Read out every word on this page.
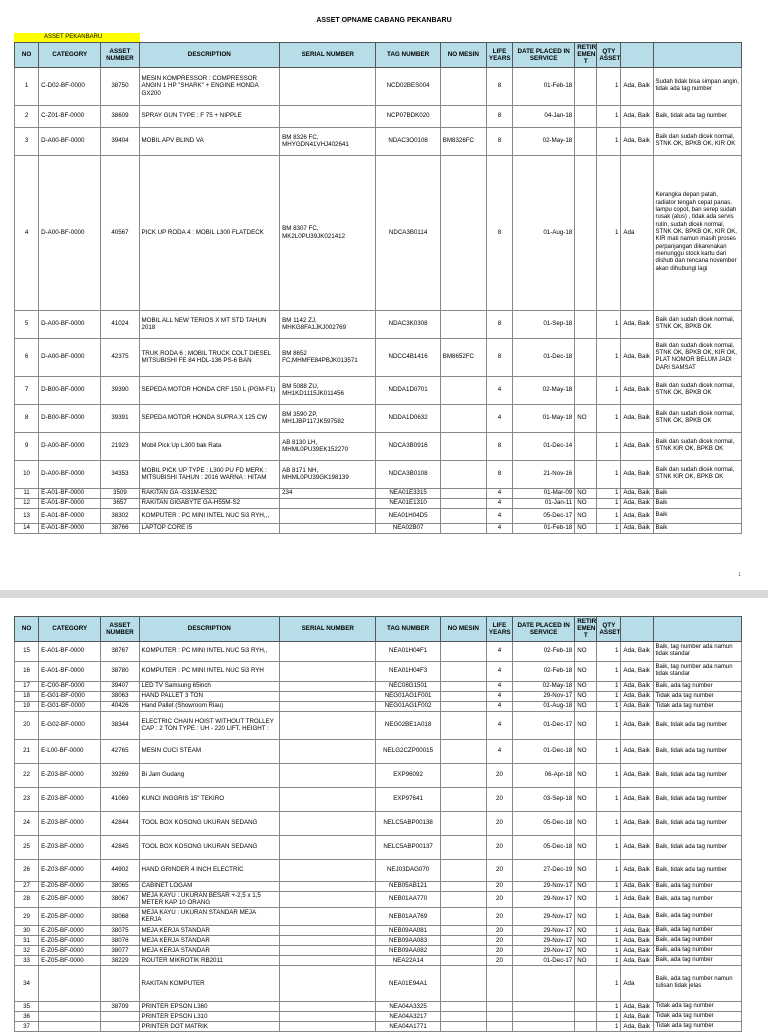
ASSET OPNAME CABANG PEKANBARU
ASSET PEKANBARU
NO	CATEGORY	ASSET NUMBER	DESCRIPTION	SERIAL NUMBER	TAG NUMBER	NO MESIN	LIFE YEARS	DATE PLACED IN SERVICE	RETIR EMEN T	QTY ASSET		
1	C-D02-BF-0000	38750	MESIN KOMPRESSOR : COMPRESSOR ANGIN 1 HP "SHARK" + ENGINE HONDA GX200		NCD02BES004		8	01-Feb-18		1	Ada, Baik	Sudah tidak bisa simpan angin, tidak ada tag number
2	C-Z01-BF-0000	38609	SPRAY GUN TYPE : F 75 + NIPPLE		NCP07BDK020		8	04-Jan-18		1	Ada, Baik	Baik, tidak ada tag number
3	D-A00-BF-0000	39404	MOBIL APV BLIND VA	BM 8326 FC, MHYGDN41VHJ402641	NDAC3O0108	BM8326FC	8	02-May-18		1	Ada, Baik	Baik dan sudah dicek normal, STNK OK, BPKB OK, KIR OK
4	D-A00-BF-0000	40567	PICK UP RODA 4 : MOBIL L300 FLATDECK	BM 8307 FC, MK2L0PU39JK021412	NDCA3B0114		8	01-Aug-18		1	Ada	Kerangka depan patah, radiator tengah cepat panas, lampu copot, ban serep sudah rusak (alus) , tidak ada servis rutin, sudah dicek normal, STNK OK, BPKB OK, KIR OK, KIR mati namun masih proses perpanjangan dikarenakan menunggu stock kartu dari dishub dan rencana november akan dihubungi lagi
5	D-A00-BF-0000	41024	MOBIL ALL NEW TERIOS X MT STD TAHUN 2018	BM 1142 ZJ, MHKG8FA1JKJ002769	NDAC3K0308		8	01-Sep-18		1	Ada, Baik	Baik dan sudah dicek normal, STNK OK, BPKB OK
6	D-A00-BF-0000	42375	TRUK RODA 6 ; MOBIL TRUCK COLT DIESEL MITSUBISHI FE 84 HDL-136 PS-6 BAN	BM 8652 FC,MHMFE84PBJK013571	NDCC4B1416	BM8652FC	8	01-Dec-18		1	Ada, Baik	Baik dan sudah dicek normal, STNK OK, BPKB OK, KIR OK, PLAT NOMOR BELUM JADI DARI SAMSAT
7	D-B00-BF-0000	39390	SEPEDA MOTOR HONDA CRF 150 L (PGM-F1)	BM 5088 ZU, MH1KD1115JK011456	NDDA1D0701		4	02-May-18		1	Ada, Baik	Baik dan sudah dicek normal, STNK OK, BPKB OK
8	D-B00-BF-0000	39391	SEPEDA MOTOR HONDA SUPRA X 125 CW	BM 3590 ZP, MH1JBP117JK597582	NDDA1D0632		4	01-May-18	NO	1	Ada, Baik	Baik dan sudah dicek normal, STNK OK, BPKB OK
9	D-A00-BF-0000	21923	Mobil Pick Up L300 bak Rata	AB 8130 LH, MHML0PU39EK152270	NDCA3B0916		8	01-Dec-14		1	Ada, Baik	Baik dan sudah dicek normal, STNK KIR OK, BPKB OK
10	D-A00-BF-0000	34353	MOBIL PICK UP TYPE : L300 PU FD MERK : MITSUBISHI TAHUN : 2016 WARNA : HITAM	AB 8171 NH, MHML0PU39GK198139	NDCA3B0108		8	21-Nov-16		1	Ada, Baik	Baik dan sudah dicek normal, STNK KIR OK, BPKB OK
11	E-A01-BF-0000	3509	RAKITAN GA -G31M-ES2C	234	NEA01E3315		4	01-Mar-09	NO	1	Ada, Baik	Baik
12	E-A01-BF-0000	3657	RAKITAN GIGABYTE GA-H55M-S2		NEA01E1310		4	01-Jan-11	NO	1	Ada, Baik	Baik
13	E-A01-BF-0000	38302	KOMPUTER : PC MINI INTEL NUC 5i3 RYH,,,		NEA01H04D5		4	05-Dec-17	NO	1	Ada, Baik	Baik
14	E-A01-BF-0000	38766	LAPTOP CORE I5		NEA02B07		4	01-Feb-18	NO	1	Ada, Baik	Baik
1
NO	CATEGORY	ASSET NUMBER	DESCRIPTION	SERIAL NUMBER	TAG NUMBER	NO MESIN	LIFE YEARS	DATE PLACED IN SERVICE	RETIR EMEN T	QTY ASSET		
15	E-A01-BF-0000	38767	KOMPUTER : PC MINI INTEL NUC 5i3 RYH,,		NEA01H04F1		4	02-Feb-18	NO	1	Ada, Baik	Baik, tag number ada namun tidak standar
16	E-A01-BF-0000	38780	KOMPUTER : PC MINI INTEL NUC 5i3 RYH		NEA01H04F3		4	02-Feb-18	NO	1	Ada, Baik	Baik, tag number ada namun tidak standar
17	E-C00-BF-0000	39407	LED TV Samsung 65inch		NEC08G1501		4	02-May-18	NO	1	Ada, Baik	Baik, ada tag number
18	E-G01-BF-0000	38063	HAND PALLET 3 TON		NEG01AG1F001		4	29-Nov-17	NO	1	Ada, Baik	Tidak ada tag number
19	E-G01-BF-0000	40426	Hand Pallet (Showroom Riau)		NEG01AG1F002		4	01-Aug-18	NO	1	Ada, Baik	Tidak ada tag number
20	E-G02-BF-0000	38344	ELECTRIC CHAIN HOIST WITHOUT TROLLEY CAP : 2 TON TYPE : UH - 220 LIFT. HEIGHT :		NEG02BE1A018		4	01-Dec-17	NO	1	Ada, Baik	Baik, tidak ada tag number
21	E-L00-BF-0000	42765	MESIN CUCI STEAM		NELG2CZP00015		4	01-Dec-18	NO	1	Ada, Baik	Baik, tidak ada tag number
22	E-Z03-BF-0000	39269	Bi Jam Gudang		EXP96092		20	06-Apr-18	NO	1	Ada, Baik	Baik, tidak ada tag number
23	E-Z03-BF-0000	41069	KUNCI INGGRIS 15" TEKIRO		EXP97641		20	03-Sep-18	NO	1	Ada, Baik	Baik, tidak ada tag number
24	E-Z03-BF-0000	42844	TOOL BOX KOSONG UKURAN SEDANG		NELC5ABP00138		20	05-Dec-18	NO	1	Ada, Baik	Baik, tidak ada tag number
25	E-Z03-BF-0000	42845	TOOL BOX KOSONG UKURAN SEDANG		NELC5ABP00137		20	05-Dec-18	NO	1	Ada, Baik	Baik, tidak ada tag number
26	E-Z03-BF-0000	44902	HAND GRINDER 4 INCH ELECTRIC		NEJ03DAG070		20	27-Dec-19	NO	1	Ada, Baik	Baik, tidak ada tag number
27	E-Z05-BF-0000	38065	CABINET LOGAM		NEB05AB121		20	29-Nov-17	NO	1	Ada, Baik	Baik, ada tag number
28	E-Z05-BF-0000	38067	MEJA KAYU : UKURAN BESAR +-2,5 x 1,5 METER KAP 10 ORANG		NEB01AA770		20	29-Nov-17	NO	1	Ada, Baik	Baik, ada tag number
29	E-Z05-BF-0000	38068	MEJA KAYU : UKURAN STANDAR MEJA KERJA		NEB01AA769		20	29-Nov-17	NO	1	Ada, Baik	Baik, ada tag number
30	E-Z05-BF-0000	38075	MEJA KERJA STANDAR		NEB09AA081		20	29-Nov-17	NO	1	Ada, Baik	Baik, ada tag number
31	E-Z05-BF-0000	38076	MEJA KERJA STANDAR		NEB09AA083		20	29-Nov-17	NO	1	Ada, Baik	Baik, ada tag number
32	E-Z05-BF-0000	38077	MEJA KERJA STANDAR		NEB09AA082		20	29-Nov-17	NO	1	Ada, Baik	Baik, ada tag number
33	E-Z05-BF-0000	38229	ROUTER MIKROTIK RB2011		NEA22A14		20	01-Dec-17	NO	1	Ada, Baik	Baik, ada tag number
34			RAKITAN KOMPUTER		NEA01E94A1					1	Ada	Baik, ada tag number namun tulisan tidak jelas
35		38709	PRINTER EPSON L360		NEA04A3325					1	Ada, Baik	Tidak ada tag number
36			PRINTER EPSON L310		NEA04A3217					1	Ada, Baik	Tidak ada tag number
37			PRINTER DOT MATRIK		NEA04A1771					1	Ada, Baik	Tidak ada tag number
